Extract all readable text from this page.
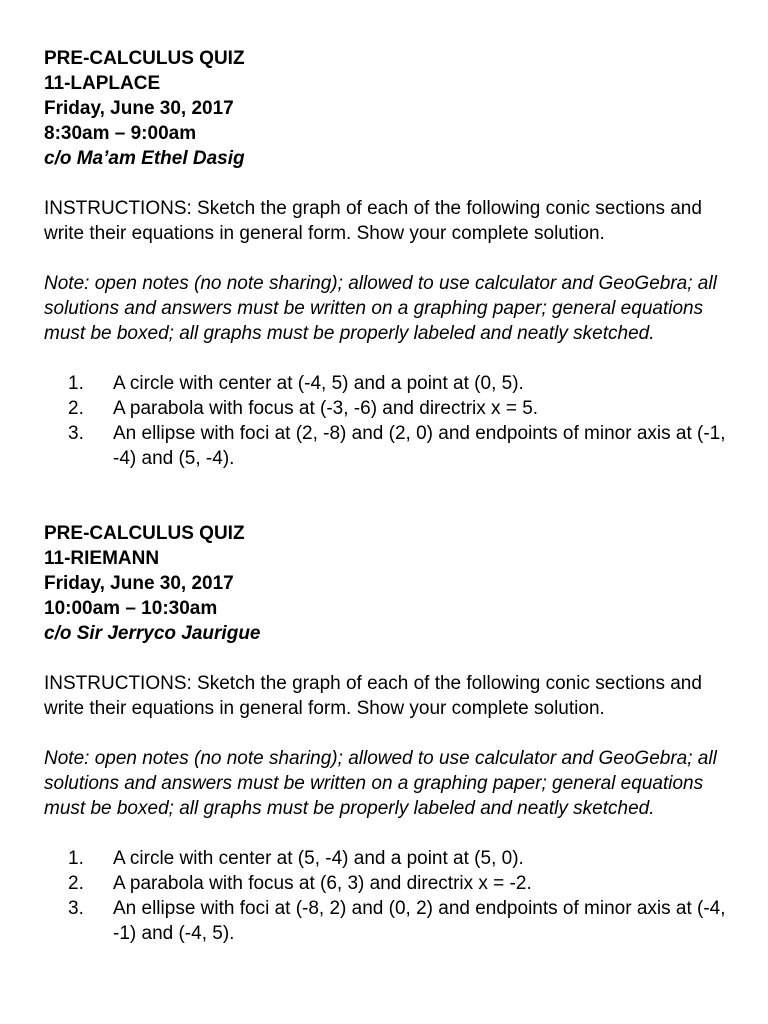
PRE-CALCULUS QUIZ

11-LAPLACE

Friday, June 30, 2017

8:30am – 9:00am

c/o Ma’am Ethel Dasig

INSTRUCTIONS: Sketch the graph of each of the following conic sections and write their equations in general form. Show your complete solution.

Note: open notes (no note sharing); allowed to use calculator and GeoGebra; all solutions and answers must be written on a graphing paper; general equations must be boxed; all graphs must be properly labeled and neatly sketched.

1.	A circle with center at (-4, 5) and a point at (0, 5).
2.	A parabola with focus at (-3, -6) and directrix x = 5.
3.	An ellipse with foci at (2, -8) and (2, 0) and endpoints of minor axis at (-1, -4) and (5, -4).

PRE-CALCULUS QUIZ

11-RIEMANN

Friday, June 30, 2017

10:00am – 10:30am

c/o Sir Jerryco Jaurigue

INSTRUCTIONS: Sketch the graph of each of the following conic sections and write their equations in general form. Show your complete solution.

Note: open notes (no note sharing); allowed to use calculator and GeoGebra; all solutions and answers must be written on a graphing paper; general equations must be boxed; all graphs must be properly labeled and neatly sketched.

1.	A circle with center at (5, -4) and a point at (5, 0).
2.	A parabola with focus at (6, 3) and directrix x = -2.
3.	An ellipse with foci at (-8, 2) and (0, 2) and endpoints of minor axis at (-4, -1) and (-4, 5).
